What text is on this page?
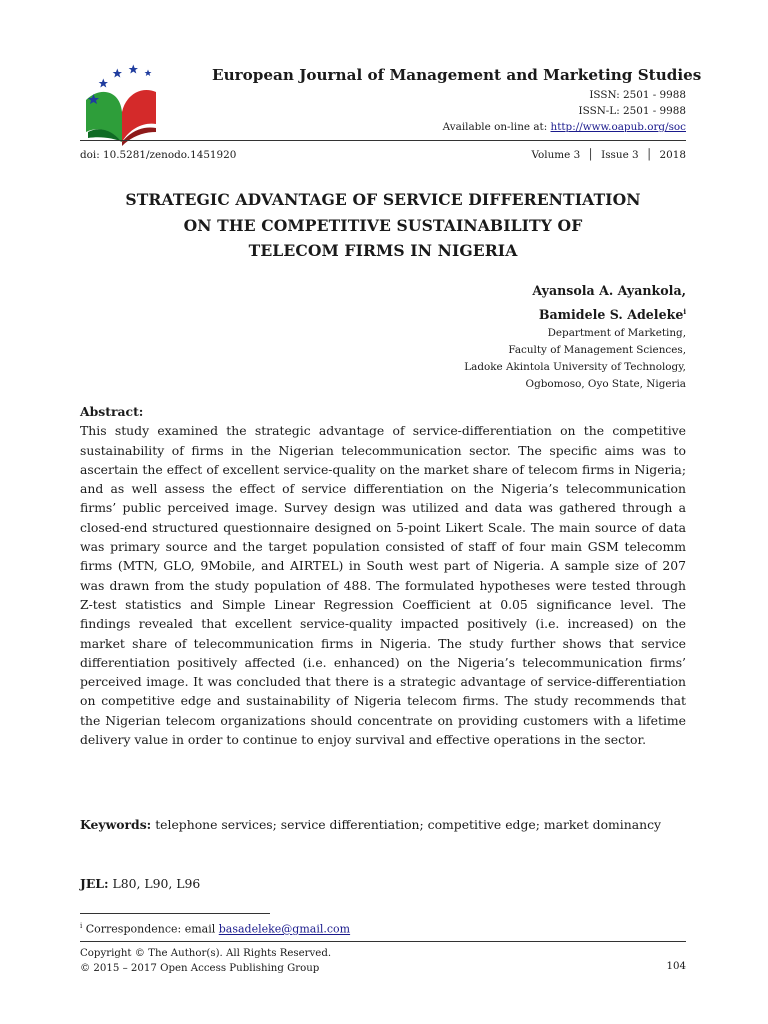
European Journal of Management and Marketing Studies
ISSN: 2501 - 9988
ISSN-L: 2501 - 9988
Available on-line at: http://www.oapub.org/soc
doi: 10.5281/zenodo.1451920	Volume 3 │ Issue 3 │ 2018
STRATEGIC ADVANTAGE OF SERVICE DIFFERENTIATION
ON THE COMPETITIVE SUSTAINABILITY OF
TELECOM FIRMS IN NIGERIA
Ayansola A. Ayankola,
Bamidele S. Adeleke$^i$
Department of Marketing,
Faculty of Management Sciences,
Ladoke Akintola University of Technology,
Ogbomoso, Oyo State, Nigeria
Abstract:
This study examined the strategic advantage of service-differentiation on the competitive sustainability of firms in the Nigerian telecommunication sector. The specific aims was to ascertain the effect of excellent service-quality on the market share of telecom firms in Nigeria; and as well assess the effect of service differentiation on the Nigeria’s telecommunication firms’ public perceived image. Survey design was utilized and data was gathered through a closed-end structured questionnaire designed on 5-point Likert Scale. The main source of data was primary source and the target population consisted of staff of four main GSM telecomm firms (MTN, GLO, 9Mobile, and AIRTEL) in South west part of Nigeria. A sample size of 207 was drawn from the study population of 488. The formulated hypotheses were tested through Z-test statistics and Simple Linear Regression Coefficient at 0.05 significance level. The findings revealed that excellent service-quality impacted positively (i.e. increased) on the market share of telecommunication firms in Nigeria. The study further shows that service differentiation positively affected (i.e. enhanced) on the Nigeria’s telecommunication firms’ perceived image. It was concluded that there is a strategic advantage of service-differentiation on competitive edge and sustainability of Nigeria telecom firms. The study recommends that the Nigerian telecom organizations should concentrate on providing customers with a lifetime delivery value in order to continue to enjoy survival and effective operations in the sector.
Keywords: telephone services; service differentiation; competitive edge; market dominancy
JEL: L80, L90, L96
$^i$ Correspondence: email basadeleke@gmail.com
Copyright © The Author(s). All Rights Reserved.
© 2015 – 2017 Open Access Publishing Group	104
